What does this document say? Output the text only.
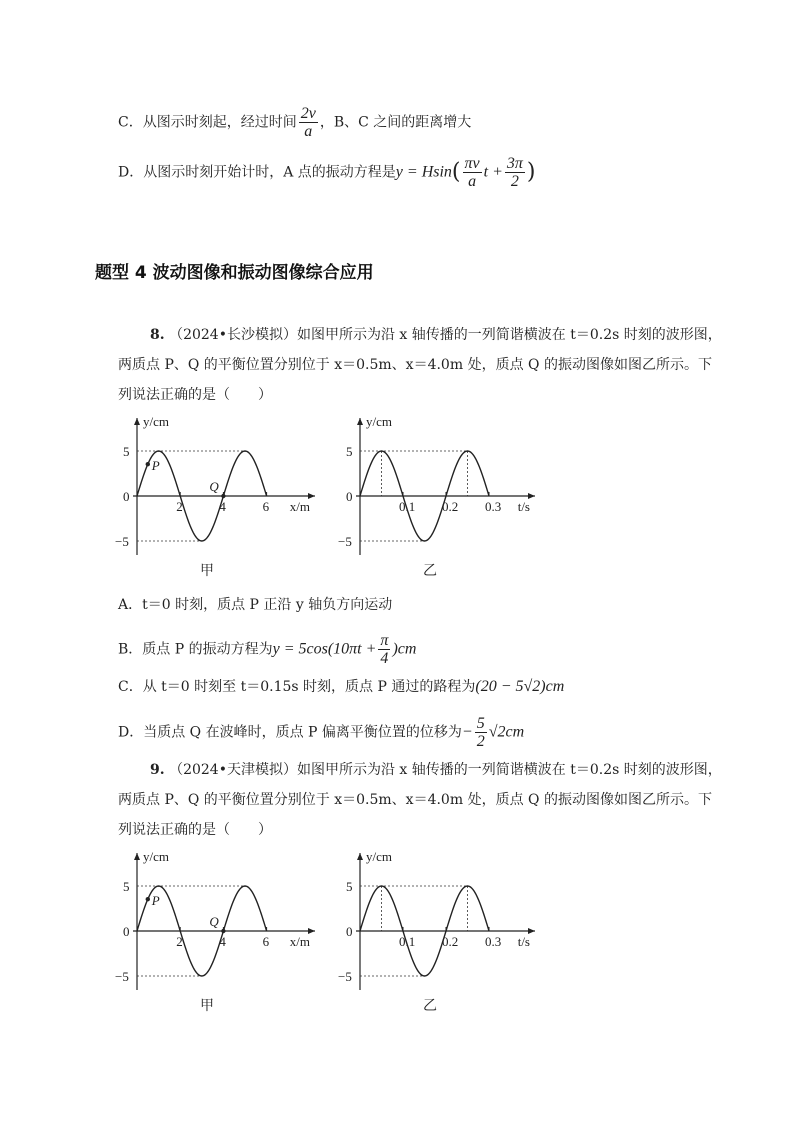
C．从图示时刻起，经过时间 $\frac{2v}{a}$ ，B、C 之间的距离增大
D．从图示时刻开始计时，A 点的振动方程是$y = Hsin( \frac{\pi v}{a}$ $t + \frac{3\pi}{2}$ )
题型 4 波动图像和振动图像综合应用
8. （2024•长沙模拟）如图甲所示为沿 x 轴传播的一列简谐横波在 t＝0.2s 时刻的波形图，
两质点 P、Q 的平衡位置分别位于 x＝0.5m、x＝4.0m 处，质点 Q 的振动图像如图乙所示。下
列说法正确的是（　　）
y/cm
x/m
5
0
−5
2	4	6
P
Q
甲
y/cm
t/s
5
0
−5
0.1 0.2 0.3
乙
A．t＝0 时刻，质点 P 正沿 y 轴负方向运动
B．质点 P 的振动方程为$y = 5\cos(10\pi t + \frac{\pi}{4} )cm$
C．从 t＝0 时刻至 t＝0.15s 时刻，质点 P 通过的路程为(20 − 5√2)cm
D．当质点 Q 在波峰时，质点 P 偏离平衡位置的位移为− $\frac{5}{2} √2cm$
9. （2024•天津模拟）如图甲所示为沿 x 轴传播的一列简谐横波在 t＝0.2s 时刻的波形图，
两质点 P、Q 的平衡位置分别位于 x＝0.5m、x＝4.0m 处，质点 Q 的振动图像如图乙所示。下
列说法正确的是（　　）
y/cm
x/m
5
0
−5
2	4	6
P
Q
甲
y/cm
t/s
5
0
−5
0.1 0.2 0.3
乙
